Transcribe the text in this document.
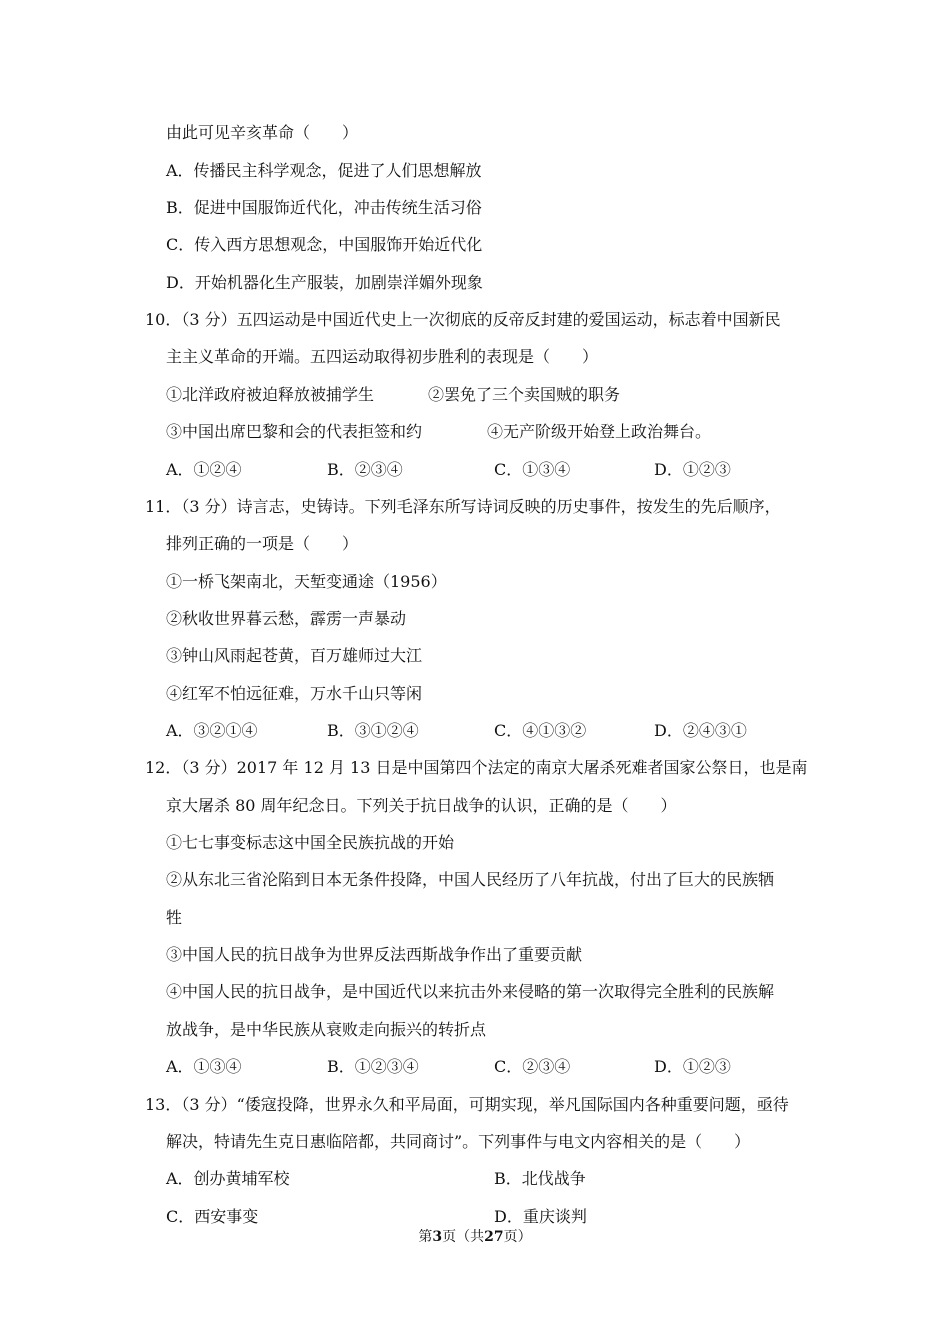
由此可见辛亥革命（　　）
A．传播民主科学观念，促进了人们思想解放
B．促进中国服饰近代化，冲击传统生活习俗
C．传入西方思想观念，中国服饰开始近代化
D．开始机器化生产服装，加剧崇洋媚外现象
10．（3 分）五四运动是中国近代史上一次彻底的反帝反封建的爱国运动，标志着中国新民
主主义革命的开端。五四运动取得初步胜利的表现是（　　）
①北洋政府被迫释放被捕学生	②罢免了三个卖国贼的职务
③中国出席巴黎和会的代表拒签和约	④无产阶级开始登上政治舞台。
A．①②④	B．②③④	C．①③④	D．①②③
11．（3 分）诗言志，史铸诗。下列毛泽东所写诗词反映的历史事件，按发生的先后顺序，
排列正确的一项是（　　）
①一桥飞架南北，天堑变通途（1956）
②秋收世界暮云愁，霹雳一声暴动
③钟山风雨起苍黄，百万雄师过大江
④红军不怕远征难，万水千山只等闲
A．③②①④	B．③①②④	C．④①③②	D．②④③①
12．（3 分）2017 年 12 月 13 日是中国第四个法定的南京大屠杀死难者国家公祭日，也是南
京大屠杀 80 周年纪念日。下列关于抗日战争的认识，正确的是（　　）
①七七事变标志这中国全民族抗战的开始
②从东北三省沦陷到日本无条件投降，中国人民经历了八年抗战，付出了巨大的民族牺
牲
③中国人民的抗日战争为世界反法西斯战争作出了重要贡献
④中国人民的抗日战争，是中国近代以来抗击外来侵略的第一次取得完全胜利的民族解
放战争，是中华民族从衰败走向振兴的转折点
A．①③④	B．①②③④	C．②③④	D．①②③
13．（3 分）“倭寇投降，世界永久和平局面，可期实现，举凡国际国内各种重要问题，亟待
解决，特请先生克日惠临陪都，共同商讨”。下列事件与电文内容相关的是（　　）
A．创办黄埔军校	B．北伐战争
C．西安事变	D．重庆谈判
第3页（共27页）
